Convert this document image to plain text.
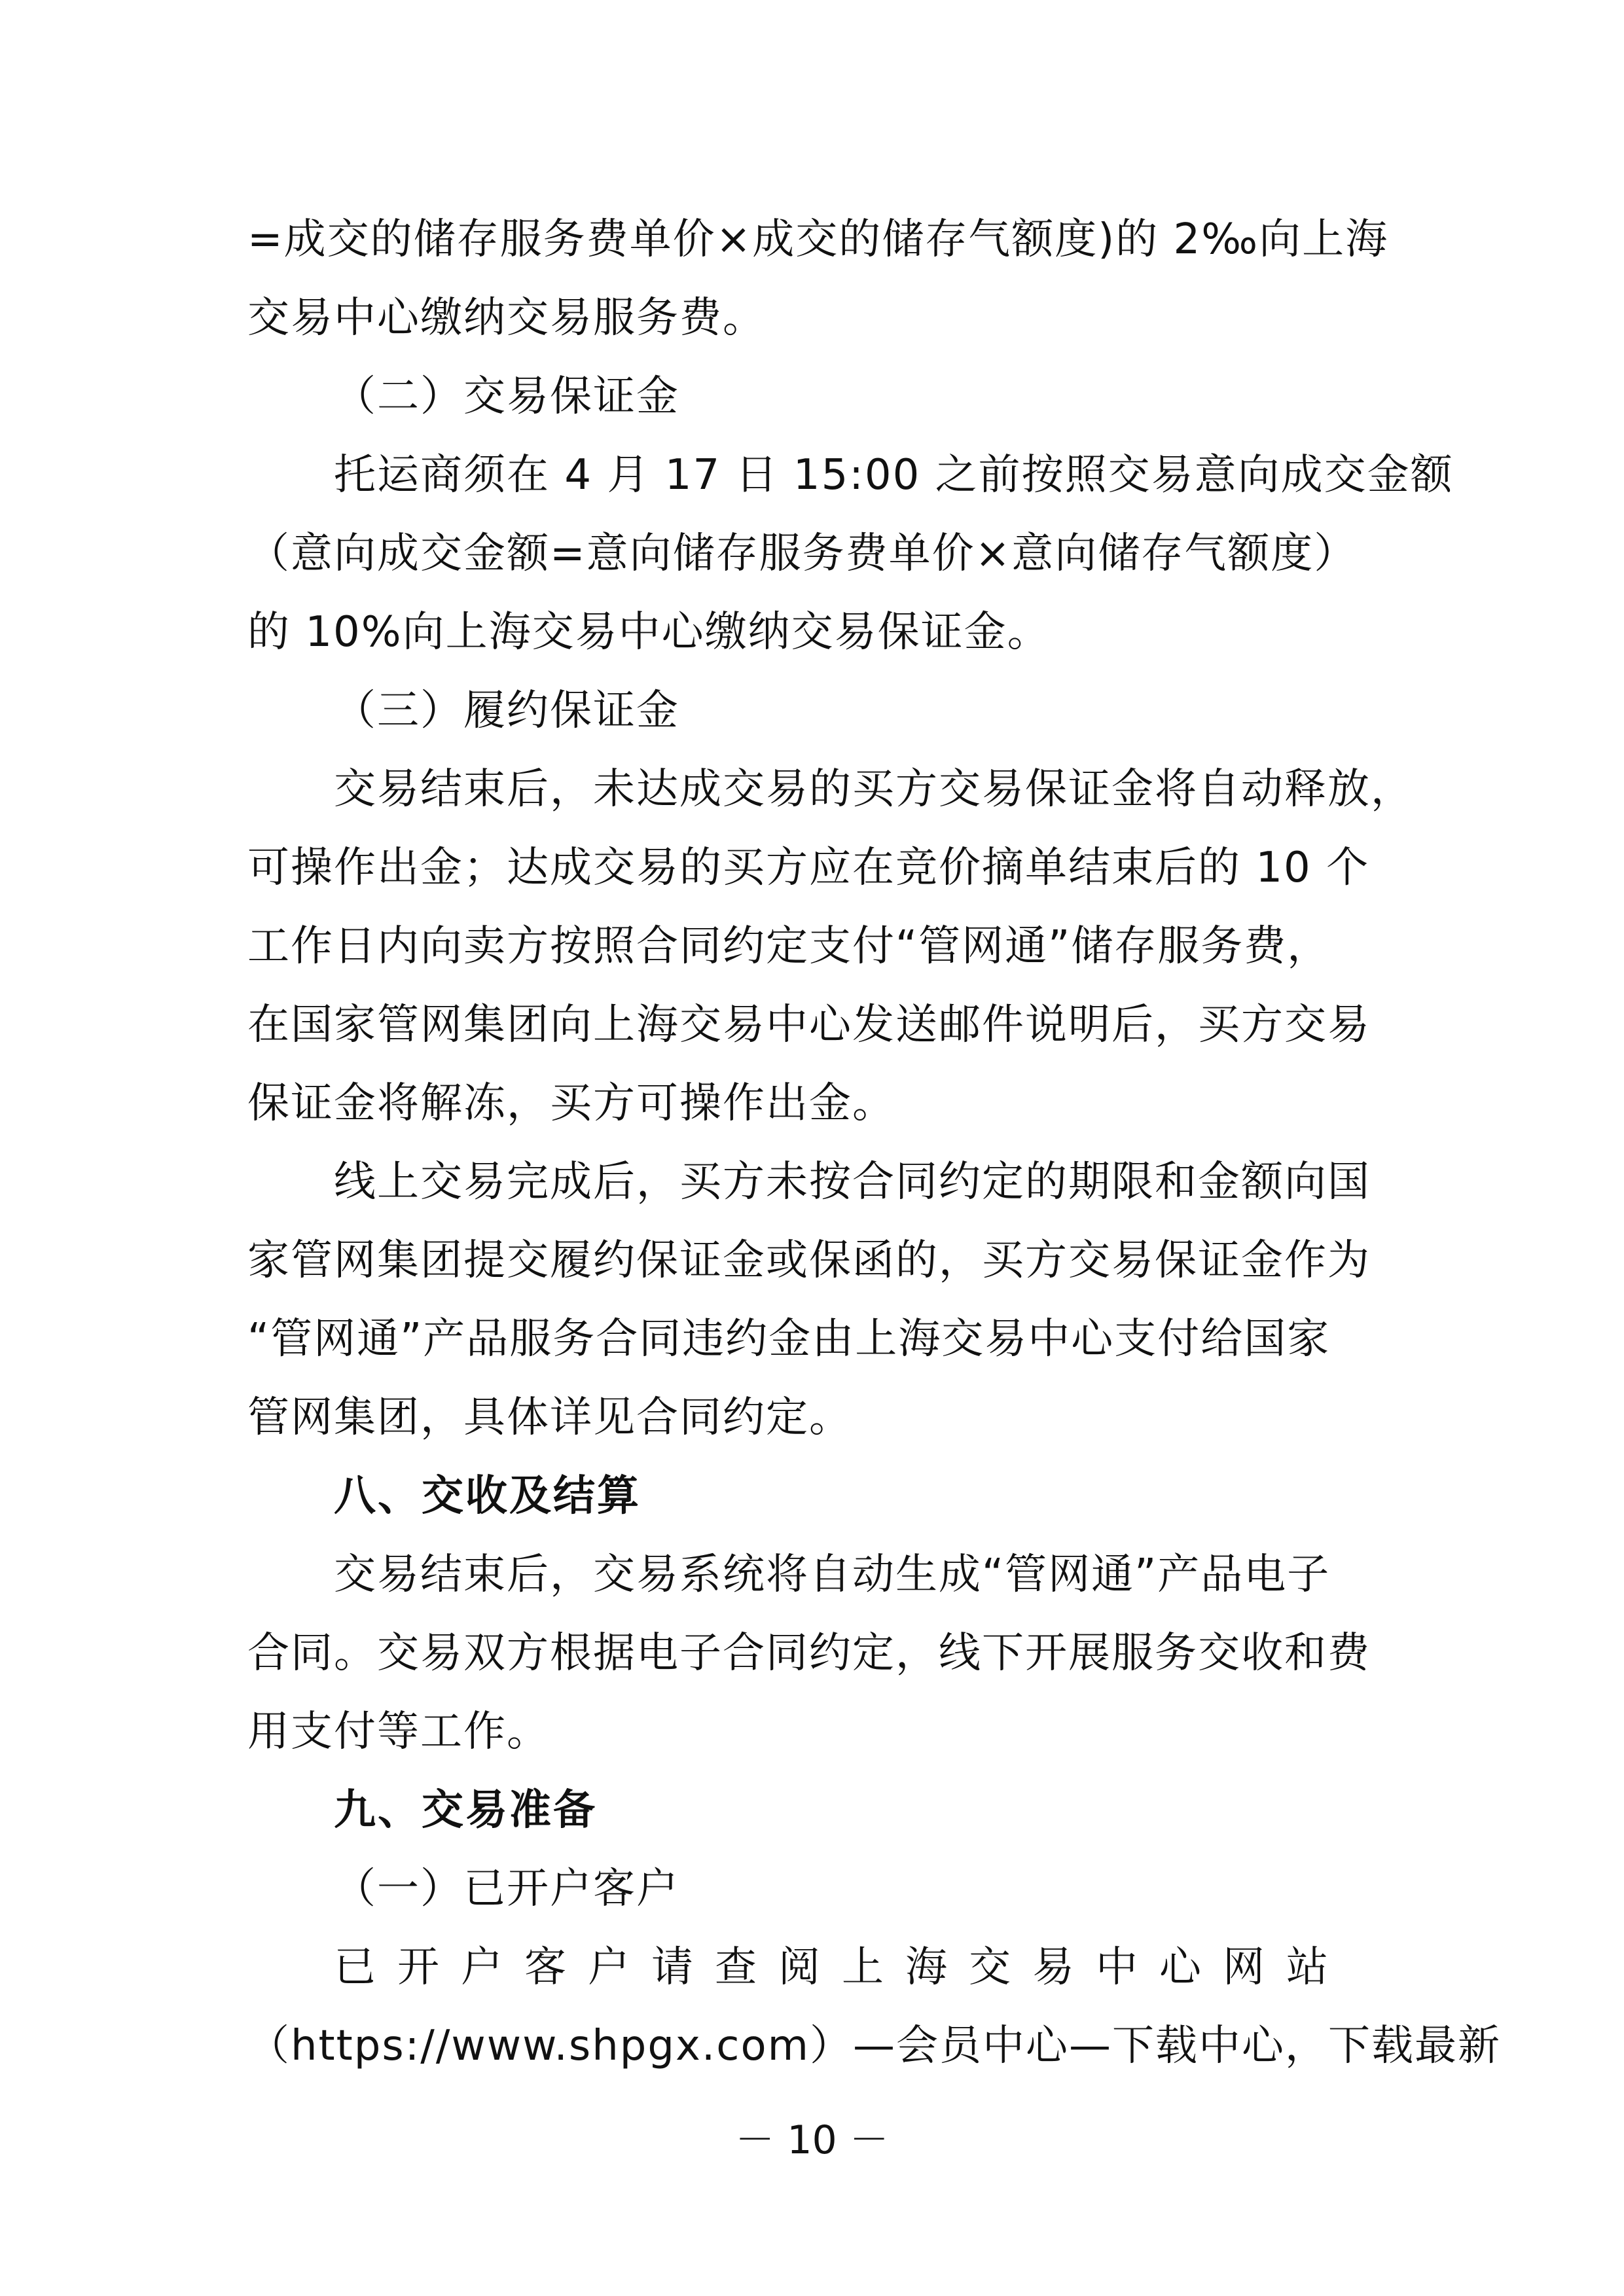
=成交的储存服务费单价×成交的储存气额度)的 2‰向上海
交易中心缴纳交易服务费。
（二）交易保证金
托运商须在 4 月 17 日 15:00 之前按照交易意向成交金额
（意向成交金额=意向储存服务费单价×意向储存气额度）
的 10%向上海交易中心缴纳交易保证金。
（三）履约保证金
交易结束后，未达成交易的买方交易保证金将自动释放，
可操作出金；达成交易的买方应在竞价摘单结束后的 10 个
工作日内向卖方按照合同约定支付“管网通”储存服务费，
在国家管网集团向上海交易中心发送邮件说明后，买方交易
保证金将解冻，买方可操作出金。
线上交易完成后，买方未按合同约定的期限和金额向国
家管网集团提交履约保证金或保函的，买方交易保证金作为
“管网通”产品服务合同违约金由上海交易中心支付给国家
管网集团，具体详见合同约定。
八、交收及结算
交易结束后，交易系统将自动生成“管网通”产品电子
合同。交易双方根据电子合同约定，线下开展服务交收和费
用支付等工作。
九、交易准备
（一）已开户客户
已开户客户请查阅上海交易中心网站
（https://www.shpgx.com）—会员中心—下载中心，下载最新
－ 10 －
